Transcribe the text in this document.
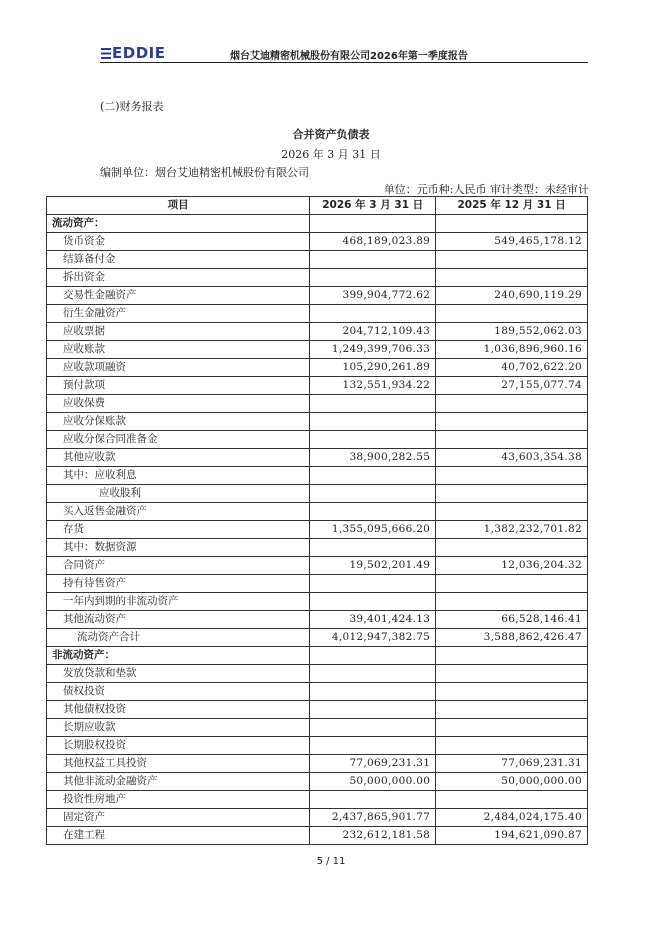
EDDIE	烟台艾迪精密机械股份有限公司2026年第一季度报告
(二)财务报表
合并资产负债表
2026 年 3 月 31 日
编制单位：烟台艾迪精密机械股份有限公司
单位：元币种:人民币 审计类型：未经审计
项目	2026 年 3 月 31 日	2025 年 12 月 31 日
流动资产：		
货币资金	468,189,023.89	549,465,178.12
结算备付金		
拆出资金		
交易性金融资产	399,904,772.62	240,690,119.29
衍生金融资产		
应收票据	204,712,109.43	189,552,062.03
应收账款	1,249,399,706.33	1,036,896,960.16
应收款项融资	105,290,261.89	40,702,622.20
预付款项	132,551,934.22	27,155,077.74
应收保费		
应收分保账款		
应收分保合同准备金		
其他应收款	38,900,282.55	43,603,354.38
其中：应收利息		
应收股利		
买入返售金融资产		
存货	1,355,095,666.20	1,382,232,701.82
其中：数据资源		
合同资产	19,502,201.49	12,036,204.32
持有待售资产		
一年内到期的非流动资产		
其他流动资产	39,401,424.13	66,528,146.41
流动资产合计	4,012,947,382.75	3,588,862,426.47
非流动资产：		
发放贷款和垫款		
债权投资		
其他债权投资		
长期应收款		
长期股权投资		
其他权益工具投资	77,069,231.31	77,069,231.31
其他非流动金融资产	50,000,000.00	50,000,000.00
投资性房地产		
固定资产	2,437,865,901.77	2,484,024,175.40
在建工程	232,612,181.58	194,621,090.87
5 / 11
